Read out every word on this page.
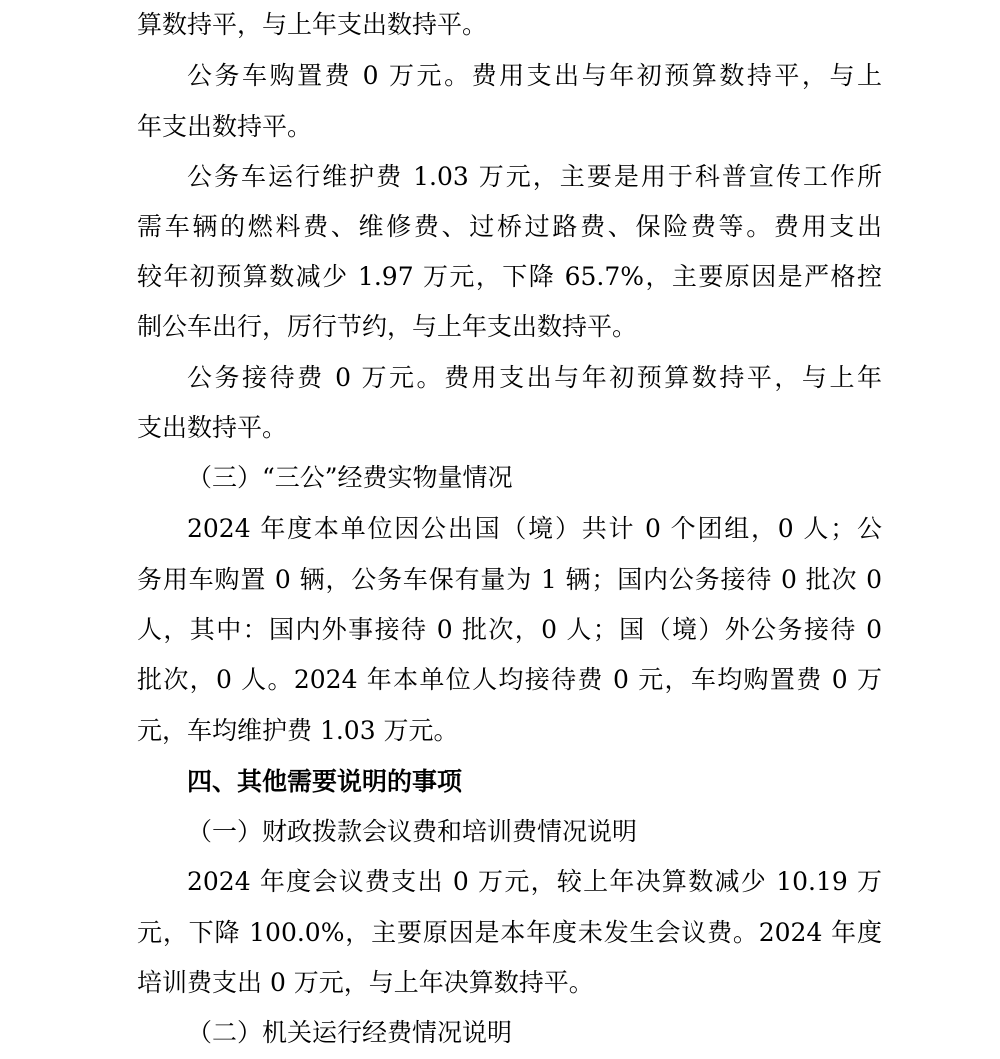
算数持平，与上年支出数持平。
公务车购置费 0 万元。费用支出与年初预算数持平，与上
年支出数持平。
公务车运行维护费 1.03 万元，主要是用于科普宣传工作所
需车辆的燃料费、维修费、过桥过路费、保险费等。费用支出
较年初预算数减少 1.97 万元，下降 65.7%，主要原因是严格控
制公车出行，厉行节约，与上年支出数持平。
公务接待费 0 万元。费用支出与年初预算数持平，与上年
支出数持平。
（三）“三公”经费实物量情况
2024 年度本单位因公出国（境）共计 0 个团组，0 人；公
务用车购置 0 辆，公务车保有量为 1 辆；国内公务接待 0 批次 0
人，其中：国内外事接待 0 批次，0 人；国（境）外公务接待 0
批次，0 人。2024 年本单位人均接待费 0 元，车均购置费 0 万
元，车均维护费 1.03 万元。
四、其他需要说明的事项
（一）财政拨款会议费和培训费情况说明
2024 年度会议费支出 0 万元，较上年决算数减少 10.19 万
元，下降 100.0%，主要原因是本年度未发生会议费。2024 年度
培训费支出 0 万元，与上年决算数持平。
（二）机关运行经费情况说明
